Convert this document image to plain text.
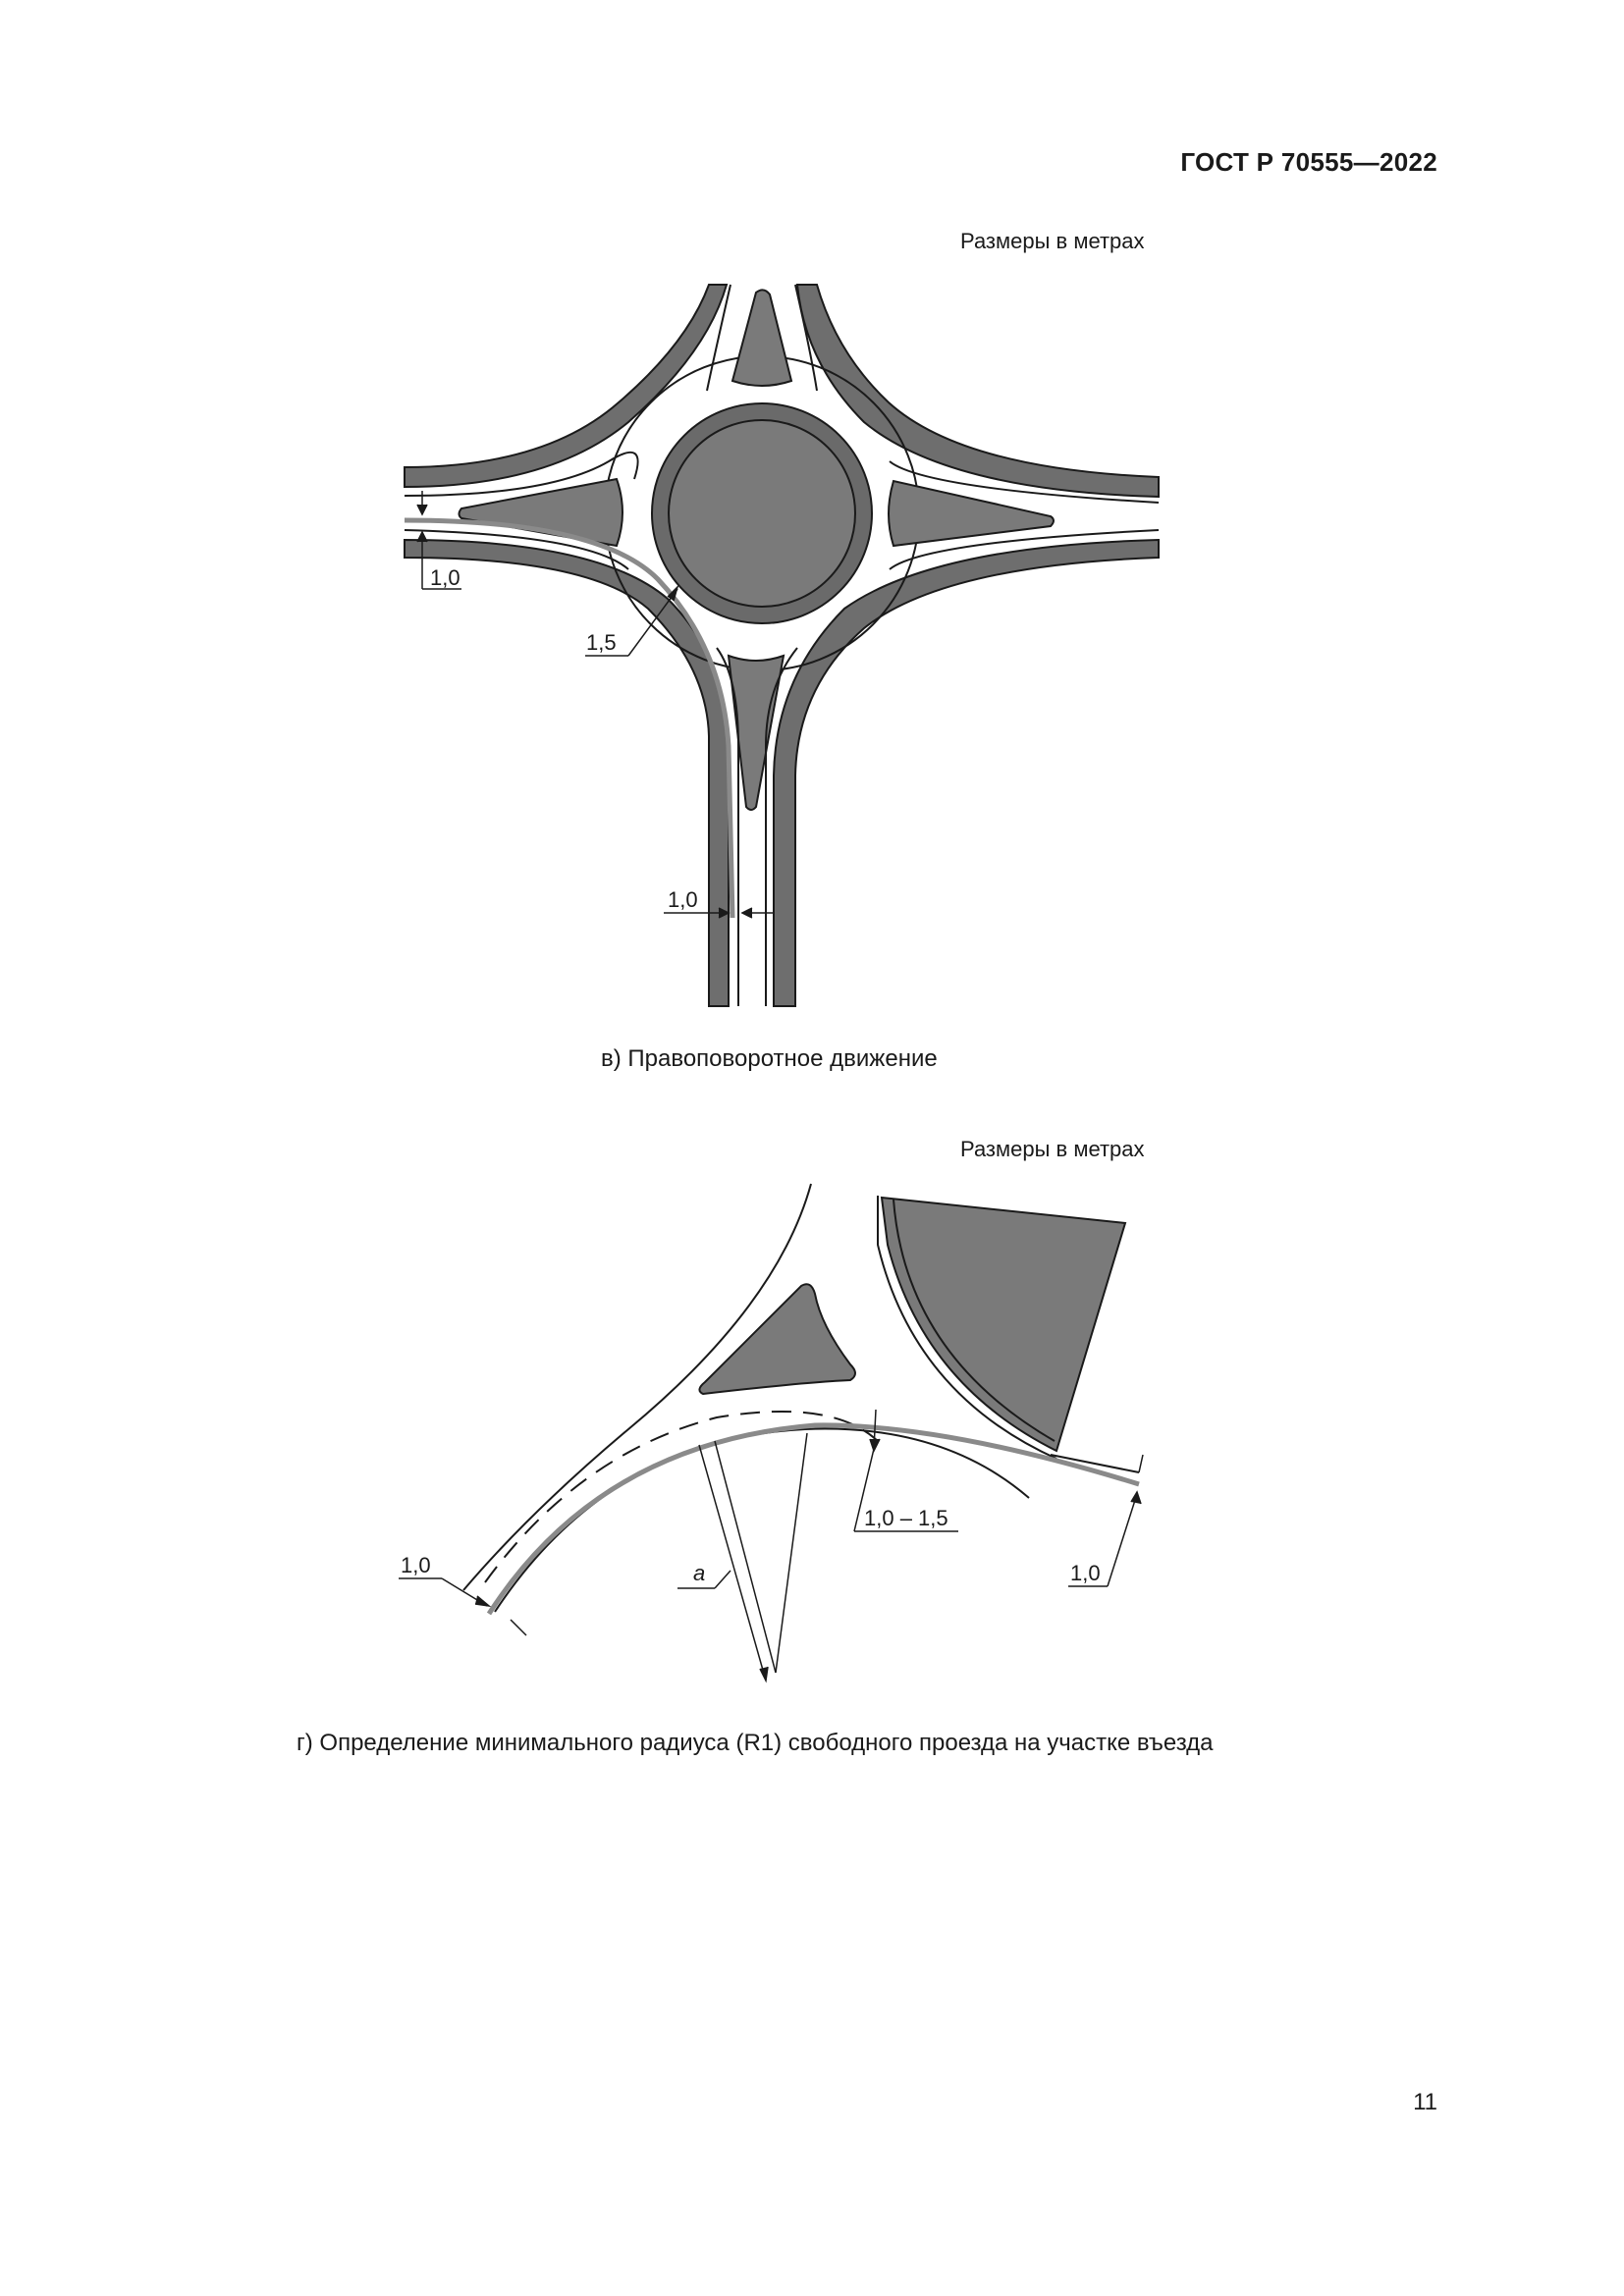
ГОСТ Р 70555—2022
Размеры в метрах
1,0
1,5
1,0
в) Правоповоротное движение
Размеры в метрах
a
1,0 – 1,5
1,0
1,0
г) Определение минимального радиуса (R1) свободного проезда на участке въезда
11
